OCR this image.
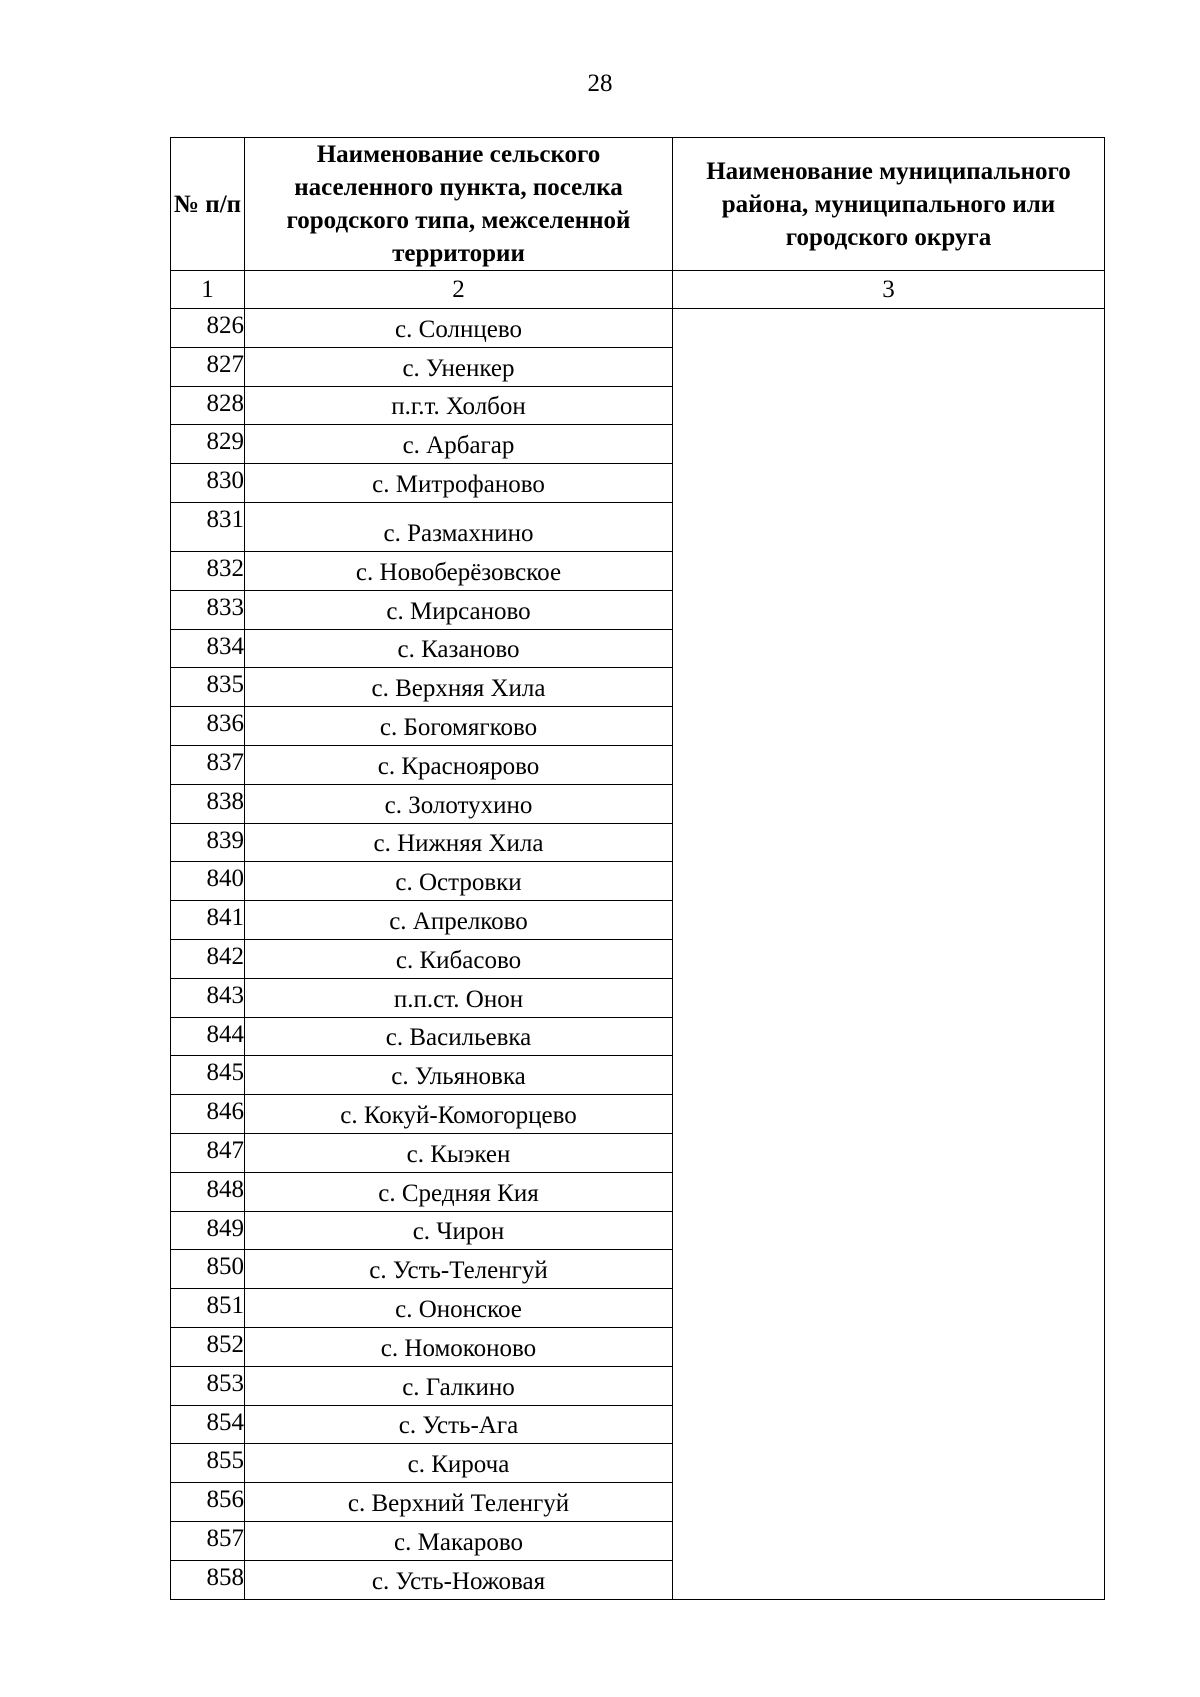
28
№ п/п	Наименование сельского населенного пункта, поселка городского типа, межселенной территории	Наименование муниципального района, муниципального или городского округа
1	2	3
826	с. Солнцево	
827	с. Уненкер	
828	п.г.т. Холбон	
829	с. Арбагар	
830	с. Митрофаново	
831	с. Размахнино	
832	с. Новоберёзовское	
833	с. Мирсаново	
834	с. Казаново	
835	с. Верхняя Хила	
836	с. Богомягково	
837	с. Краснoярово	
838	с. Золотухино	
839	с. Нижняя Хила	
840	с. Островки	
841	с. Апрелково	
842	с. Кибасово	
843	п.п.ст. Онон	
844	с. Васильевка	
845	с. Ульяновка	
846	с. Кокуй-Комогорцево	
847	с. Кыэкен	
848	с. Средняя Кия	
849	с. Чирон	
850	с. Усть-Теленгуй	
851	с. Ононское	
852	с. Номоконово	
853	с. Галкино	
854	с. Усть-Ага	
855	с. Кироча	
856	с. Верхний Теленгуй	
857	с. Макарово	
858	с. Усть-Ножовая	
